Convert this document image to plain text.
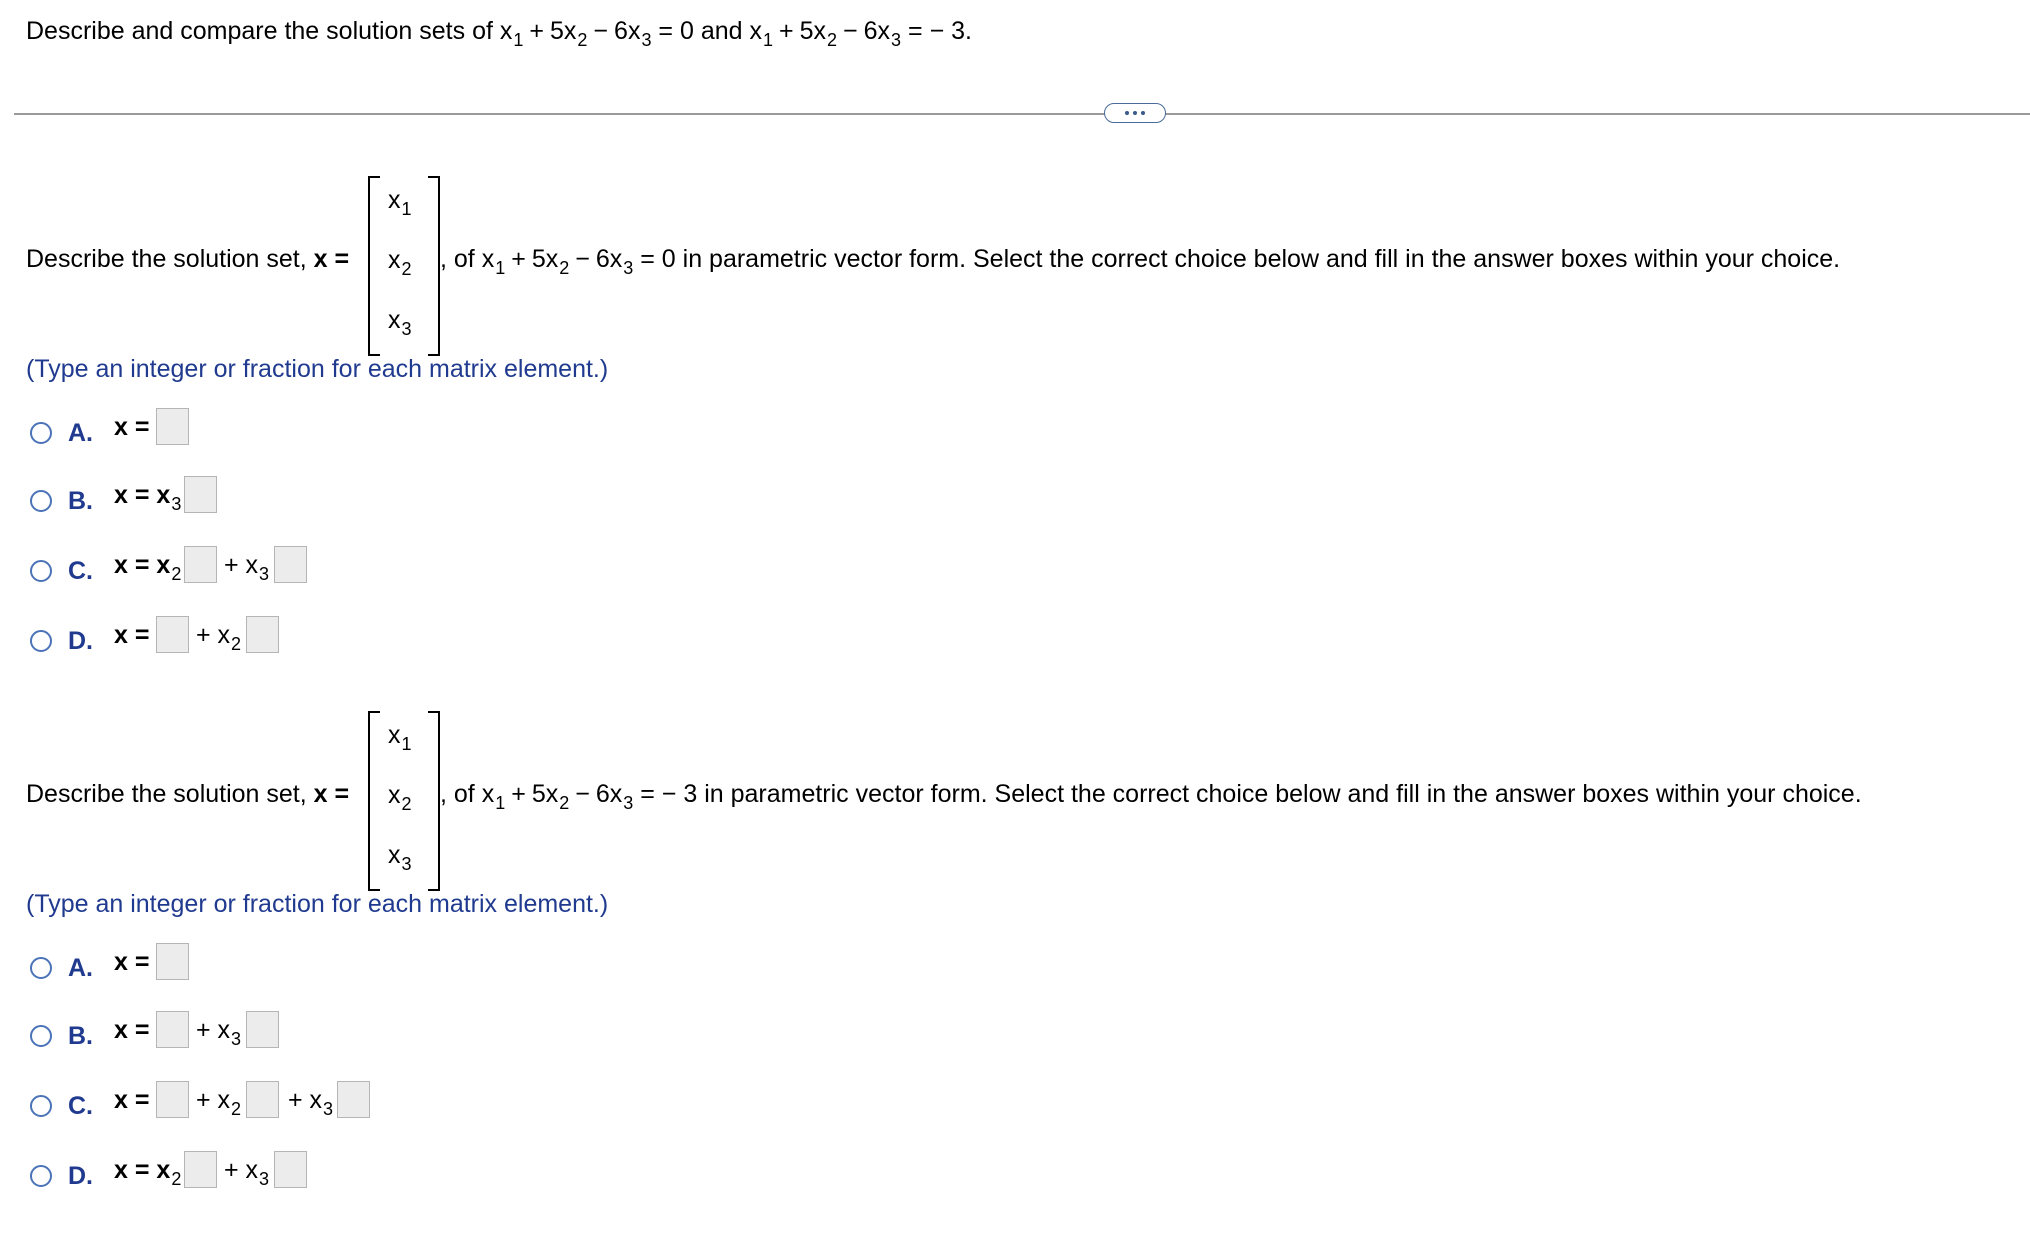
Describe and compare the solution sets of
x 1 + 5 x 2 − 6 x 3
= 0
and
x 1 + 5 x 2 − 6 x 3
= − 3.
Describe the solution set, x =
x 1
x 2
x 3
, of
x 1 + 5 x 2 − 6 x 3
= 0
in parametric vector form. Select the correct choice below and fill in the answer boxes within your choice.
(Type an integer or fraction for each matrix element.)
A. x =
B. x = x 3
C. x = x 2 + x 3
D. x = + x 2
Describe the solution set, x =
x 1
x 2
x 3
, of
x 1 + 5 x 2 − 6 x 3
= − 3
in parametric vector form. Select the correct choice below and fill in the answer boxes within your choice.
(Type an integer or fraction for each matrix element.)
A. x =
B. x = + x 3
C. x = + x 2 + x 3
D. x = x 2 + x 3
